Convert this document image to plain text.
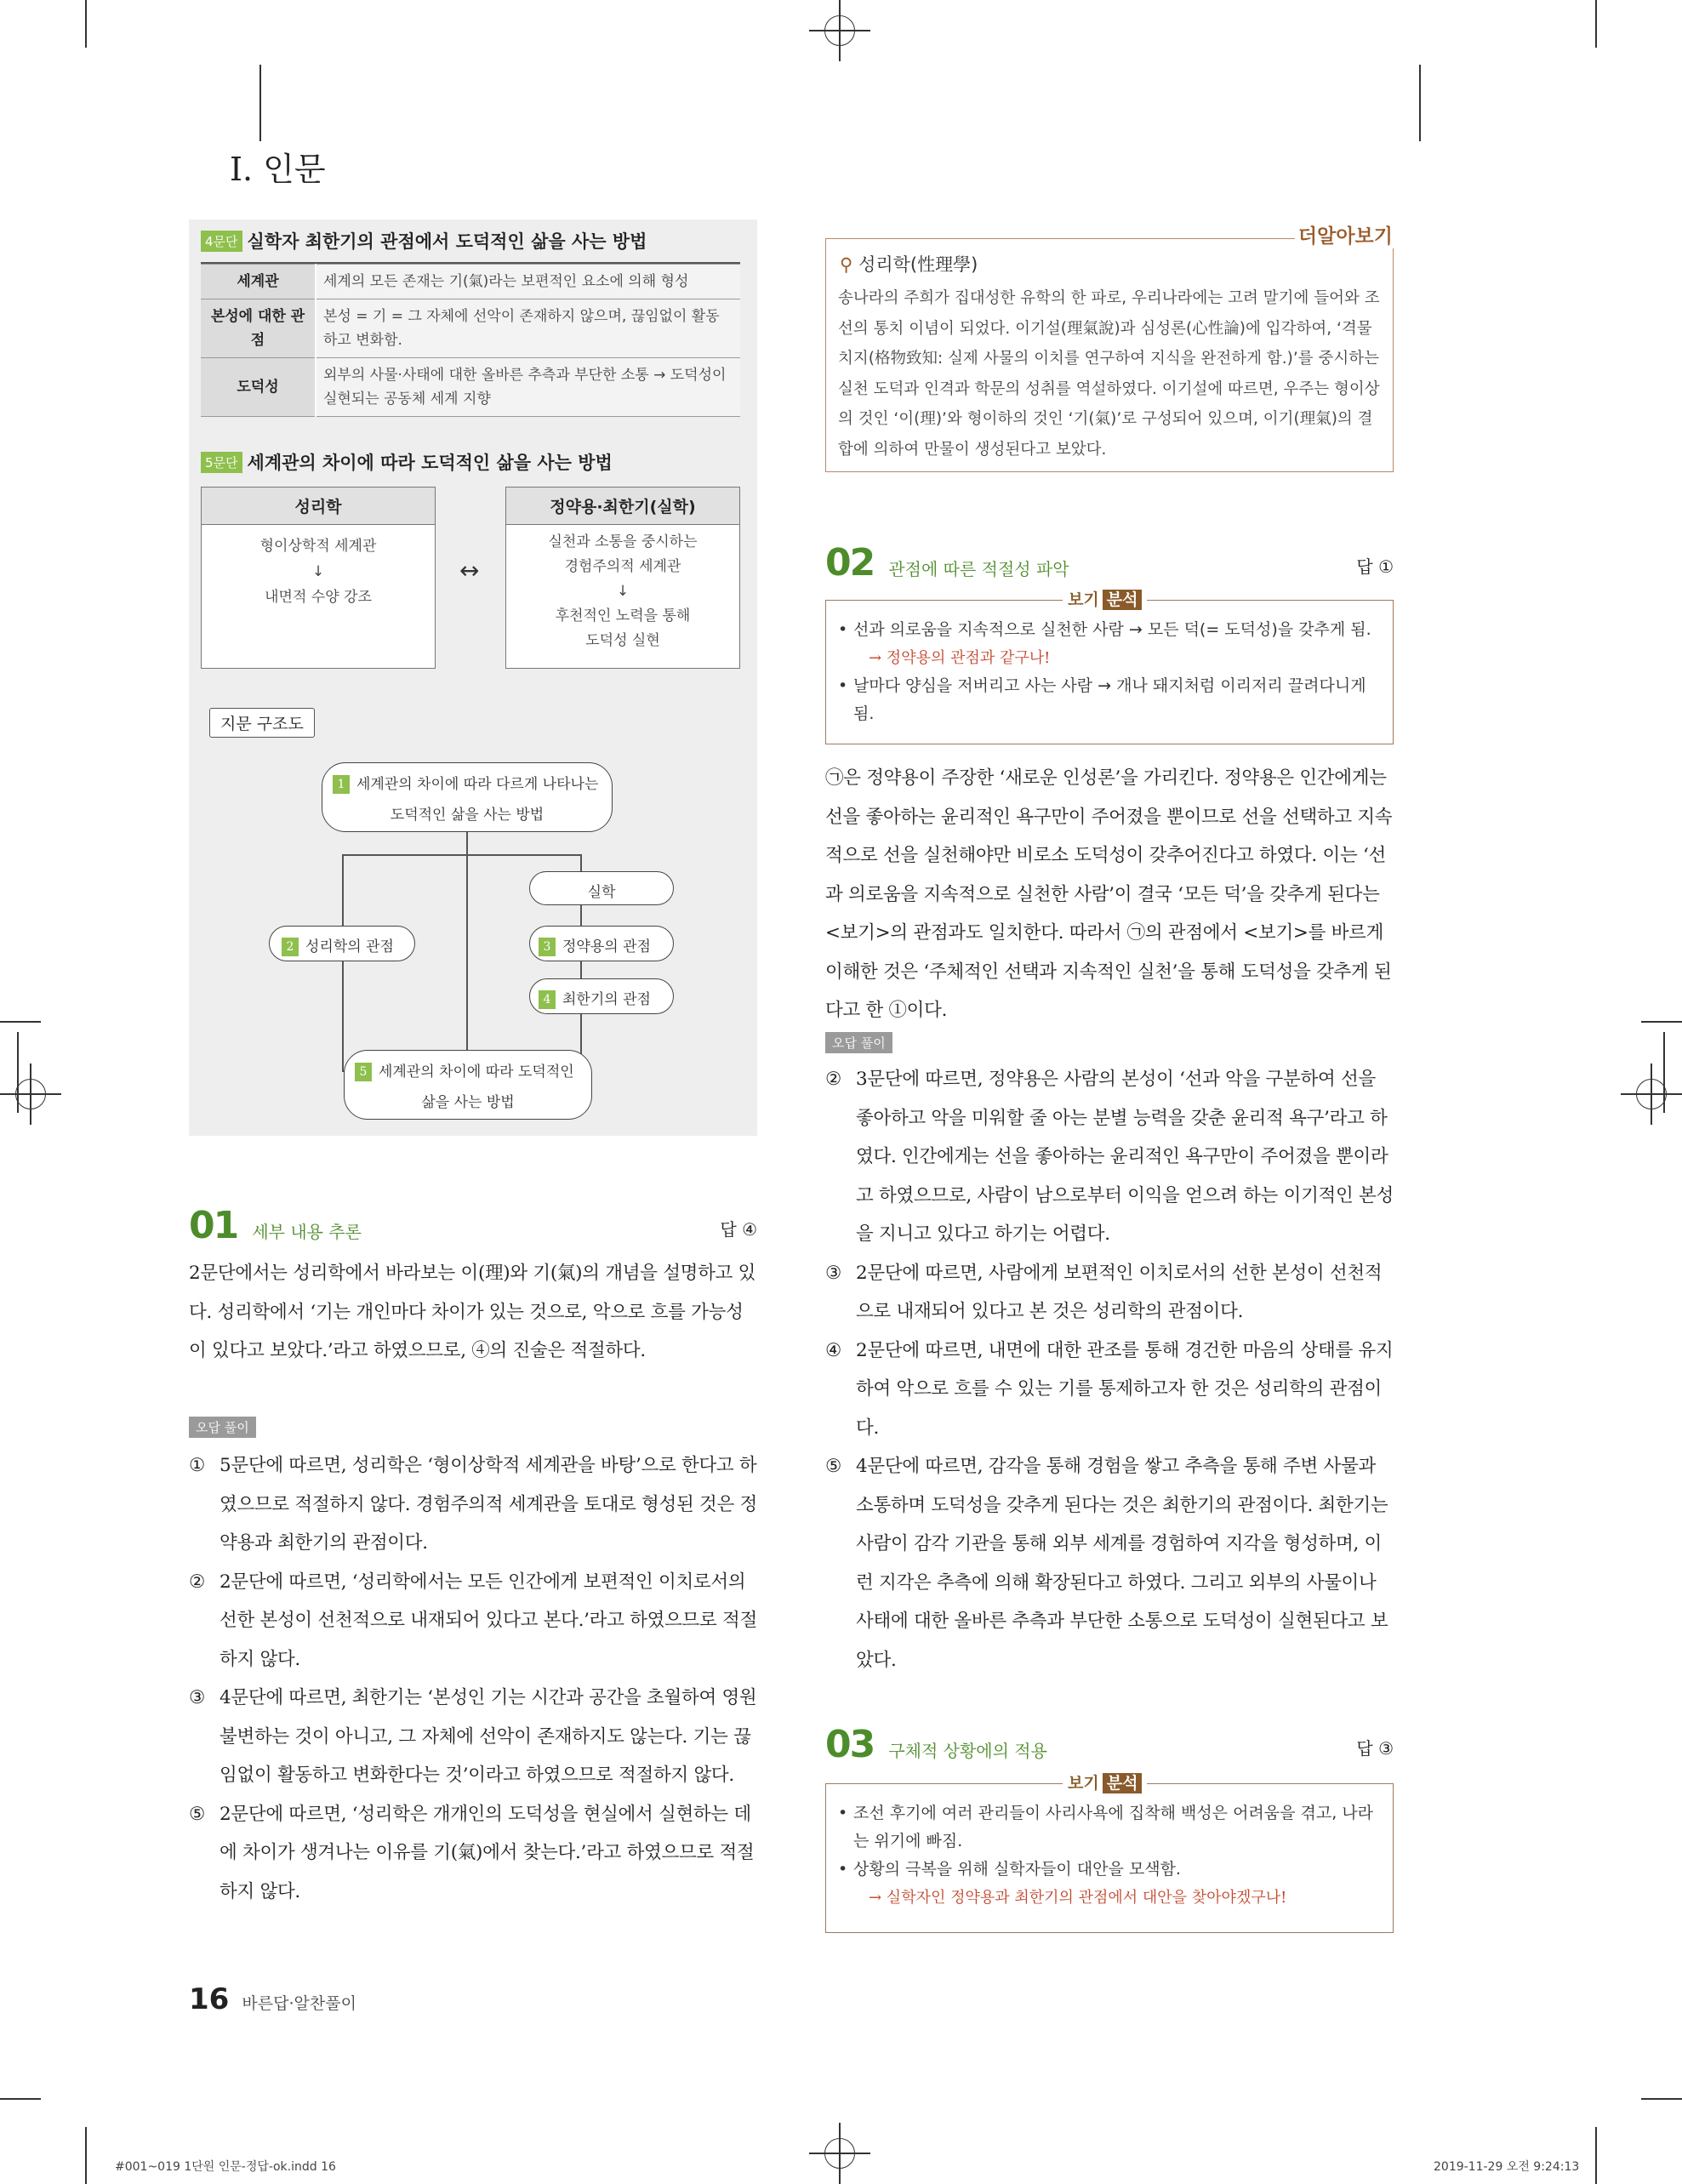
Ⅰ. 인문
4문단 실학자 최한기의 관점에서 도덕적인 삶을 사는 방법
세계관	세계의 모든 존재는 기(氣)라는 보편적인 요소에 의해 형성
본성에 대한 관점	본성 = 기 = 그 자체에 선악이 존재하지 않으며, 끊임없이 활동하고 변화함.
도덕성	외부의 사물·사태에 대한 올바른 추측과 부단한 소통 → 도덕성이 실현되는 공동체 세계 지향
5문단 세계관의 차이에 따라 도덕적인 삶을 사는 방법
성리학
형이상학적 세계관
↓
내면적 수양 강조
↔
정약용·최한기(실학)
실천과 소통을 중시하는
경험주의적 세계관
↓
후천적인 노력을 통해
도덕성 실현
지문 구조도
1 세계관의 차이에 따라 다르게 나타나는
도덕적인 삶을 사는 방법
실학
2 성리학의 관점	3 정약용의 관점
4 최한기의 관점
5 세계관의 차이에 따라 도덕적인
삶을 사는 방법
01 세부 내용 추론	답 ④
2문단에서는 성리학에서 바라보는 이(理)와 기(氣)의 개념을 설명하고 있다. 성리학에서 ‘기는 개인마다 차이가 있는 것으로, 악으로 흐를 가능성이 있다고 보았다.’라고 하였으므로, ④의 진술은 적절하다.
오답 풀이
① 5문단에 따르면, 성리학은 ‘형이상학적 세계관을 바탕’으로 한다고 하였으므로 적절하지 않다. 경험주의적 세계관을 토대로 형성된 것은 정약용과 최한기의 관점이다.
② 2문단에 따르면, ‘성리학에서는 모든 인간에게 보편적인 이치로서의 선한 본성이 선천적으로 내재되어 있다고 본다.’라고 하였으므로 적절하지 않다.
③ 4문단에 따르면, 최한기는 ‘본성인 기는 시간과 공간을 초월하여 영원불변하는 것이 아니고, 그 자체에 선악이 존재하지도 않는다. 기는 끊임없이 활동하고 변화한다는 것’이라고 하였으므로 적절하지 않다.
⑤ 2문단에 따르면, ‘성리학은 개개인의 도덕성을 현실에서 실현하는 데에 차이가 생겨나는 이유를 기(氣)에서 찾는다.’라고 하였으므로 적절하지 않다.
더알아보기
⚲ 성리학(性理學)
송나라의 주희가 집대성한 유학의 한 파로, 우리나라에는 고려 말기에 들어와 조선의 통치 이념이 되었다. 이기설(理氣說)과 심성론(心性論)에 입각하여, ‘격물치지(格物致知: 실제 사물의 이치를 연구하여 지식을 완전하게 함.)’를 중시하는 실천 도덕과 인격과 학문의 성취를 역설하였다. 이기설에 따르면, 우주는 형이상의 것인 ‘이(理)’와 형이하의 것인 ‘기(氣)’로 구성되어 있으며, 이기(理氣)의 결합에 의하여 만물이 생성된다고 보았다.
02 관점에 따른 적절성 파악	답 ①
보기 분석
• 선과 의로움을 지속적으로 실천한 사람 → 모든 덕(= 도덕성)을 갖추게 됨.
→ 정약용의 관점과 같구나!
• 날마다 양심을 저버리고 사는 사람 → 개나 돼지처럼 이리저리 끌려다니게 됨.
㉠은 정약용이 주장한 ‘새로운 인성론’을 가리킨다. 정약용은 인간에게는 선을 좋아하는 윤리적인 욕구만이 주어졌을 뿐이므로 선을 선택하고 지속적으로 선을 실천해야만 비로소 도덕성이 갖추어진다고 하였다. 이는 ‘선과 의로움을 지속적으로 실천한 사람’이 결국 ‘모든 덕’을 갖추게 된다는 <보기>의 관점과도 일치한다. 따라서 ㉠의 관점에서 <보기>를 바르게 이해한 것은 ‘주체적인 선택과 지속적인 실천’을 통해 도덕성을 갖추게 된다고 한 ①이다.
오답 풀이
② 3문단에 따르면, 정약용은 사람의 본성이 ‘선과 악을 구분하여 선을 좋아하고 악을 미워할 줄 아는 분별 능력을 갖춘 윤리적 욕구’라고 하였다. 인간에게는 선을 좋아하는 윤리적인 욕구만이 주어졌을 뿐이라고 하였으므로, 사람이 남으로부터 이익을 얻으려 하는 이기적인 본성을 지니고 있다고 하기는 어렵다.
③ 2문단에 따르면, 사람에게 보편적인 이치로서의 선한 본성이 선천적으로 내재되어 있다고 본 것은 성리학의 관점이다.
④ 2문단에 따르면, 내면에 대한 관조를 통해 경건한 마음의 상태를 유지하여 악으로 흐를 수 있는 기를 통제하고자 한 것은 성리학의 관점이다.
⑤ 4문단에 따르면, 감각을 통해 경험을 쌓고 추측을 통해 주변 사물과 소통하며 도덕성을 갖추게 된다는 것은 최한기의 관점이다. 최한기는 사람이 감각 기관을 통해 외부 세계를 경험하여 지각을 형성하며, 이런 지각은 추측에 의해 확장된다고 하였다. 그리고 외부의 사물이나 사태에 대한 올바른 추측과 부단한 소통으로 도덕성이 실현된다고 보았다.
03 구체적 상황에의 적용	답 ③
보기 분석
• 조선 후기에 여러 관리들이 사리사욕에 집착해 백성은 어려움을 겪고, 나라는 위기에 빠짐.
• 상황의 극복을 위해 실학자들이 대안을 모색함.
→ 실학자인 정약용과 최한기의 관점에서 대안을 찾아야겠구나!
16 바른답·알찬풀이
#001~019 1단원 인문-정답-ok.indd 16	2019-11-29 오전 9:24:13
